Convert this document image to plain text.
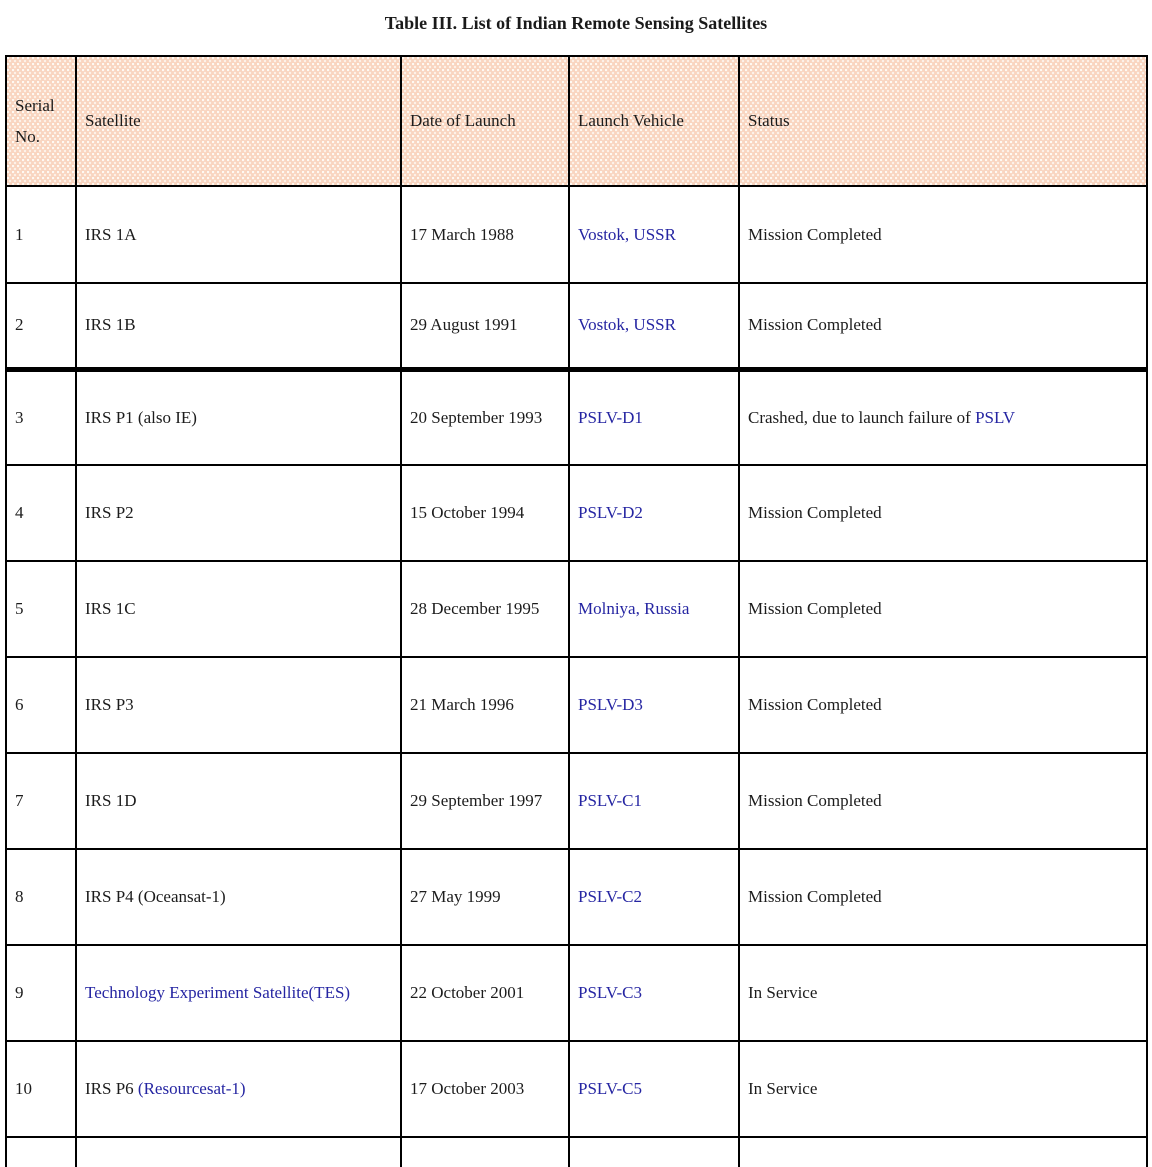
Table III. List of Indian Remote Sensing Satellites
Serial No.	Satellite	Date of Launch	Launch Vehicle	Status
1	IRS 1A	17 March 1988	Vostok, USSR	Mission Completed
2	IRS 1B	29 August 1991	Vostok, USSR	Mission Completed
3	IRS P1 (also IE)	20 September 1993	PSLV-D1	Crashed, due to launch failure of PSLV
4	IRS P2	15 October 1994	PSLV-D2	Mission Completed
5	IRS 1C	28 December 1995	Molniya, Russia	Mission Completed
6	IRS P3	21 March 1996	PSLV-D3	Mission Completed
7	IRS 1D	29 September 1997	PSLV-C1	Mission Completed
8	IRS P4 (Oceansat-1)	27 May 1999	PSLV-C2	Mission Completed
9	Technology Experiment Satellite(TES)	22 October 2001	PSLV-C3	In Service
10	IRS P6 (Resourcesat-1)	17 October 2003	PSLV-C5	In Service
